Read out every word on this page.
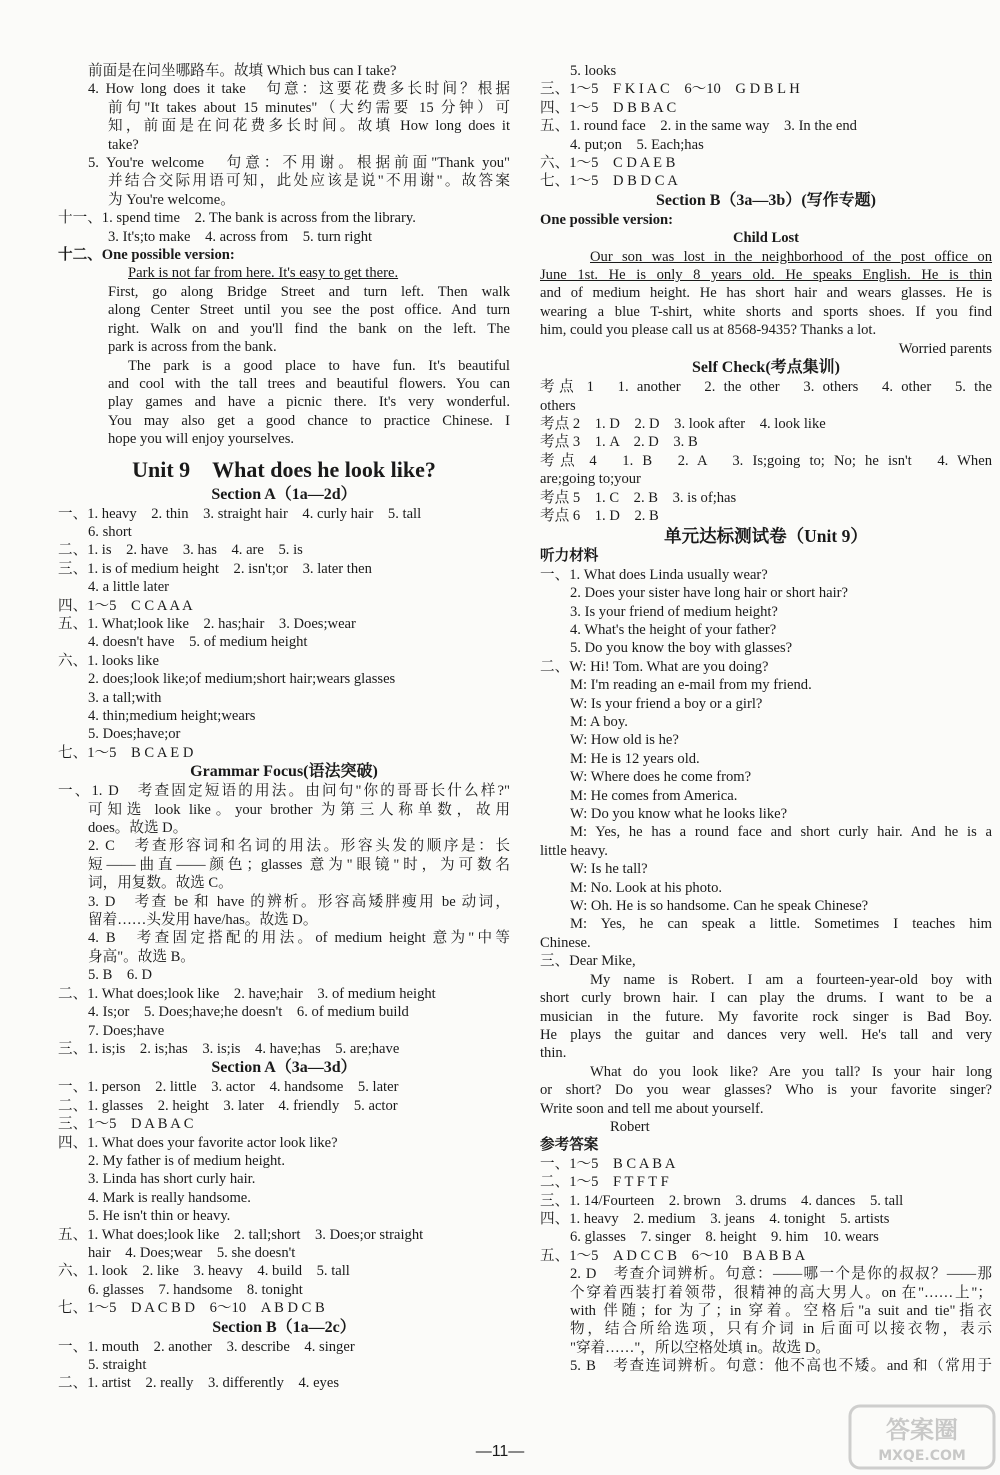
前面是在问坐哪路车。故填 Which bus can I take?
4. How long does it take　句意：这要花费多长时间？根据
前句"It takes about 15 minutes"（大约需要 15 分钟）可
知，前面是在问花费多长时间。故填 How long does it
take?
5. You're welcome　句意：不用谢。根据前面"Thank you"
并结合交际用语可知，此处应该是说"不用谢"。故答案
为 You're welcome。
十一、1. spend time　2. The bank is across from the library.
3. It's;to make　4. across from　5. turn right
十二、One possible version:
Park is not far from here. It's easy to get there.
First, go along Bridge Street and turn left. Then walk
along Center Street until you see the post office. And turn
right. Walk on and you'll find the bank on the left. The
park is across from the bank.
The park is a good place to have fun. It's beautiful
and cool with the tall trees and beautiful flowers. You can
play games and have a picnic there. It's very wonderful.
You may also get a good chance to practice Chinese. I
hope you will enjoy yourselves.
Unit 9　What does he look like?
Section A（1a—2d）
一、1. heavy　2. thin　3. straight hair　4. curly hair　5. tall
6. short
二、1. is　2. have　3. has　4. are　5. is
三、1. is of medium height　2. isn't;or　3. later then
4. a little later
四、1～5　C C A A A
五、1. What;look like　2. has;hair　3. Does;wear
4. doesn't have　5. of medium height
六、1. looks like
2. does;look like;of medium;short hair;wears glasses
3. a tall;with
4. thin;medium height;wears
5. Does;have;or
七、1～5　B C A E D
Grammar Focus(语法突破)
一、1. D　考查固定短语的用法。由问句"你的哥哥长什么样?"
可知选 look like。your brother 为第三人称单数，故用
does。故选 D。
2. C　考查形容词和名词的用法。形容头发的顺序是：长
短——曲直——颜色；glasses 意为"眼镜"时，为可数名
词，用复数。故选 C。
3. D　考查 be 和 have 的辨析。形容高矮胖瘦用 be 动词，
留着……头发用 have/has。故选 D。
4. B　考查固定搭配的用法。of medium height 意为"中等
身高"。故选 B。
5. B　6. D
二、1. What does;look like　2. have;hair　3. of medium height
4. Is;or　5. Does;have;he doesn't　6. of medium build
7. Does;have
三、1. is;is　2. is;has　3. is;is　4. have;has　5. are;have
Section A（3a—3d）
一、1. person　2. little　3. actor　4. handsome　5. later
二、1. glasses　2. height　3. later　4. friendly　5. actor
三、1～5　D A B A C
四、1. What does your favorite actor look like?
2. My father is of medium height.
3. Linda has short curly hair.
4. Mark is really handsome.
5. He isn't thin or heavy.
五、1. What does;look like　2. tall;short　3. Does;or straight
hair　4. Does;wear　5. she doesn't
六、1. look　2. like　3. heavy　4. build　5. tall
6. glasses　7. handsome　8. tonight
七、1～5　D A C B D　6～10　A B D C B
Section B（1a—2c）
一、1. mouth　2. another　3. describe　4. singer
5. straight
二、1. artist　2. really　3. differently　4. eyes
5. looks
三、1～5　F K I A C　6～10　G D B L H
四、1～5　D B B A C
五、1. round face　2. in the same way　3. In the end
4. put;on　5. Each;has
六、1～5　C D A E B
七、1～5　D B D C A
Section B（3a—3b）(写作专题)
One possible version:
Child Lost
Our son was lost in the neighborhood of the post office on
June 1st. He is only 8 years old. He speaks English. He is thin
and of medium height. He has short hair and wears glasses. He is
wearing a blue T-shirt, white shorts and sports shoes. If you find
him, could you please call us at 8568-9435? Thanks a lot.
Worried parents
Self Check(考点集训)
考点 1　1. another　2. the other　3. others　4. other　5. the
others
考点 2　1. D　2. D　3. look after　4. look like
考点 3　1. A　2. D　3. B
考点 4　1. B　2. A　3. Is;going to; No; he isn't　4. When
are;going to;your
考点 5　1. C　2. B　3. is of;has
考点 6　1. D　2. B
单元达标测试卷（Unit 9）
听力材料
一、1. What does Linda usually wear?
2. Does your sister have long hair or short hair?
3. Is your friend of medium height?
4. What's the height of your father?
5. Do you know the boy with glasses?
二、W: Hi! Tom. What are you doing?
M: I'm reading an e-mail from my friend.
W: Is your friend a boy or a girl?
M: A boy.
W: How old is he?
M: He is 12 years old.
W: Where does he come from?
M: He comes from America.
W: Do you know what he looks like?
M: Yes, he has a round face and short curly hair. And he is a
little heavy.
W: Is he tall?
M: No. Look at his photo.
W: Oh. He is so handsome. Can he speak Chinese?
M: Yes, he can speak a little. Sometimes I teaches him
Chinese.
三、Dear Mike,
My name is Robert. I am a fourteen-year-old boy with
short curly brown hair. I can play the drums. I want to be a
musician in the future. My favorite rock singer is Bad Boy.
He plays the guitar and dances very well. He's tall and very
thin.
What do you look like? Are you tall? Is your hair long
or short? Do you wear glasses? Who is your favorite singer?
Write soon and tell me about yourself.
Robert
参考答案
一、1～5　B C A B A
二、1～5　F T F T F
三、1. 14/Fourteen　2. brown　3. drums　4. dances　5. tall
四、1. heavy　2. medium　3. jeans　4. tonight　5. artists
6. glasses　7. singer　8. height　9. him　10. wears
五、1～5　A D C C B　6～10　B A B B A
2. D　考查介词辨析。句意：——哪一个是你的叔叔？——那
个穿着西装打着领带，很精神的高大男人。on 在"……上"；
with 伴随；for 为了；in 穿着。空格后"a suit and tie"指衣
物，结合所给选项，只有介词 in 后面可以接衣物，表示
"穿着……"，所以空格处填 in。故选 D。
5. B　考查连词辨析。句意：他不高也不矮。and 和（常用于
—11—
答案圈
MXQE.COM
